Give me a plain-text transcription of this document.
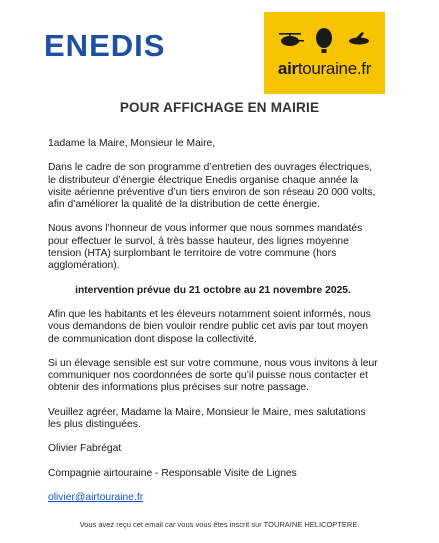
ENEDIS
airtouraine.fr
POUR AFFICHAGE EN MAIRIE

1adame la Maire, Monsieur le Maire,

Dans le cadre de son programme d’entretien des ouvrages électriques, le distributeur d’énergie électrique Enedis organise chaque année la visite aérienne préventive d’un tiers environ de son réseau 20 000 volts, afin d’améliorer la qualité de la distribution de cette énergie.

Nous avons l’honneur de vous informer que nous sommes mandatés pour effectuer le survol, à très basse hauteur, des lignes moyenne tension (HTA) surplombant le territoire de votre commune (hors agglomération).

intervention prévue du 21 octobre au 21 novembre 2025.

Afin que les habitants et les éleveurs notamment soient informés, nous vous demandons de bien vouloir rendre public cet avis par tout moyen de communication dont dispose la collectivité.

Si un élevage sensible est sur votre commune, nous vous invitons à leur communiquer nos coordonnées de sorte qu’il puisse nous contacter et obtenir des informations plus précises sur notre passage.

Veuillez agréer, Madame la Maire, Monsieur le Maire, mes salutations les plus distinguées.

Olivier Fabrégat

Compagnie airtouraine - Responsable Visite de Lignes

olivier@airtouraine.fr

Vous avez reçu cet email car vous vous êtes inscrit sur TOURAINE HELICOPTERE.
